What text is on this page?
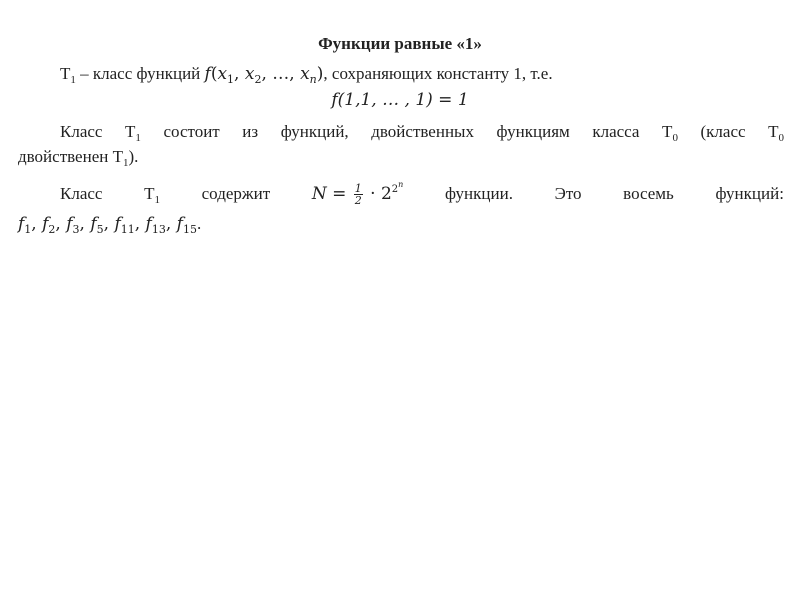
Функции равные «1»
$T_1$ – класс функций $f(x_1$, $x_2$, …, $x_n$), сохраняющих константу 1, т.е.
f(1,1, … , 1) = 1
Класс $T_1$ состоит из функций, двойственных функциям класса $T_0$ (класс $T_0$
двойственен $T_1$).
Класс $T_1$ содержит $N = \frac{1}{2} \cdot 2^{2^n}$ функции. Это восемь функций:
$f_1$, $f_2$, $f_3$, $f_5$, $f_{11}$, $f_{13}$, $f_{15}$.
